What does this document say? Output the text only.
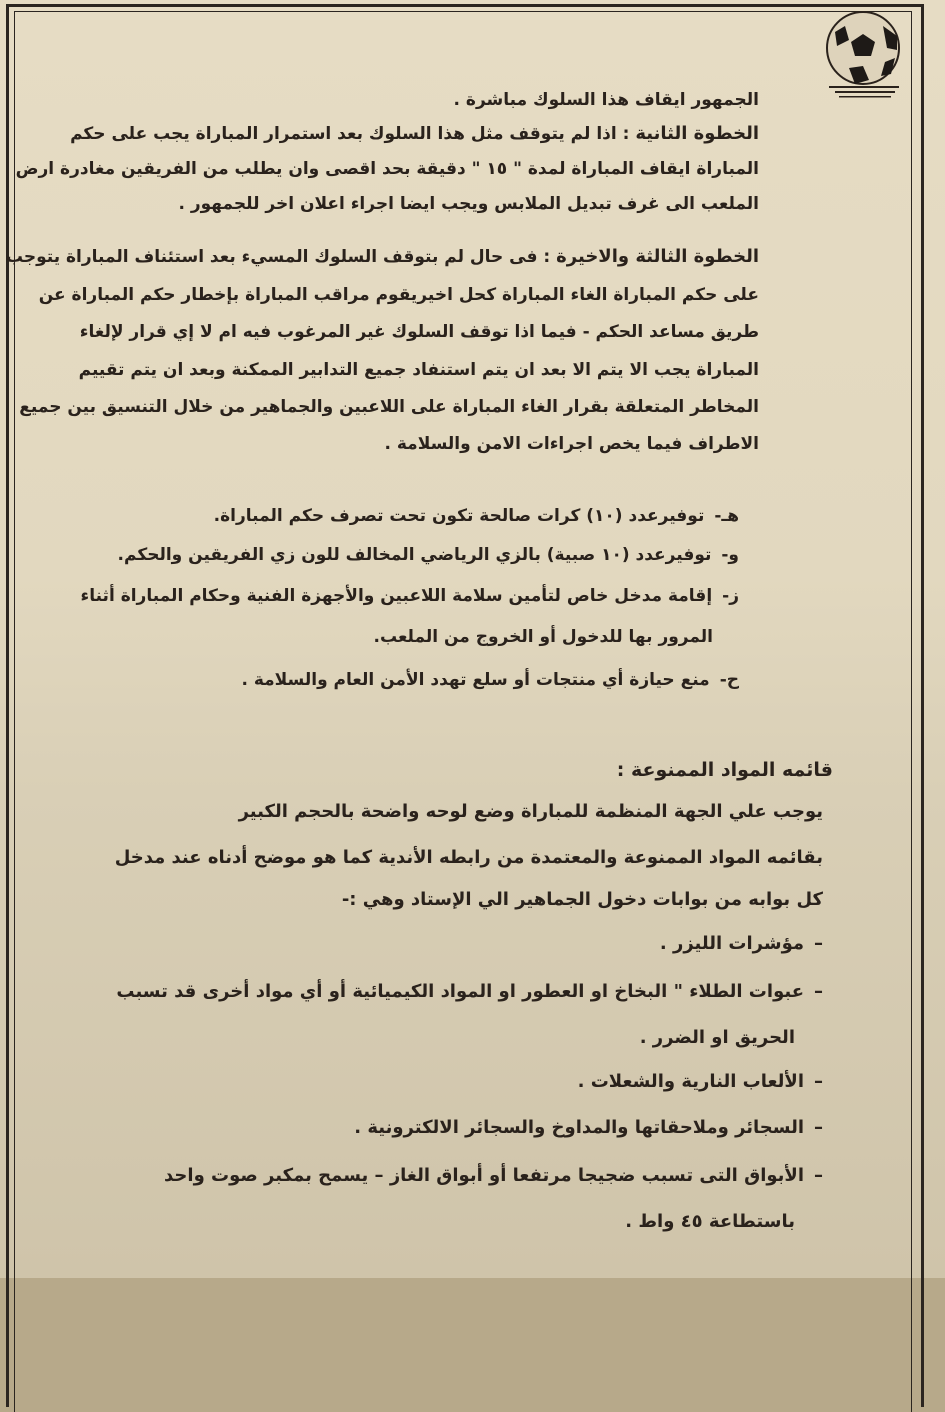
الجمهور ايقاف هذا السلوك مباشرة .
الخطوة الثانية : اذا لم يتوقف مثل هذا السلوك بعد استمرار المباراة يجب على حكم
المباراة ايقاف المباراة لمدة " ١٥ " دقيقة بحد اقصى وان يطلب من الفريقين مغادرة ارض
الملعب الى غرف تبديل الملابس ويجب ايضا اجراء اعلان اخر للجمهور .
الخطوة الثالثة والاخيرة : فى حال لم بتوقف السلوك المسيء بعد استئناف المباراة يتوجب
على حكم المباراة الغاء المباراة كحل اخيريقوم مراقب المباراة بإخطار حكم المباراة عن
طريق مساعد الحكم - فيما اذا توقف السلوك غير المرغوب فيه ام لا إي قرار لإلغاء
المباراة يجب الا يتم الا بعد ان يتم استنفاد جميع التدابير الممكنة وبعد ان يتم تقييم
المخاطر المتعلقة بقرار الغاء المباراة على اللاعبين والجماهير من خلال التنسيق بين جميع
الاطراف فيما يخص اجراءات الامن والسلامة .
هـ-توفيرعدد (١٠) كرات صالحة تكون تحت تصرف حكم المباراة.
و-توفيرعدد (١٠ صبية) بالزي الرياضي المخالف للون زي الفريقين والحكم.
ز-إقامة مدخل خاص لتأمين سلامة اللاعبين والأجهزة الفنية وحكام المباراة أثناء
المرور بها للدخول أو الخروج من الملعب.
ح-منع حيازة أي منتجات أو سلع تهدد الأمن العام والسلامة .
قائمه المواد الممنوعة :
يوجب علي الجهة المنظمة للمباراة وضع لوحه واضحة بالحجم الكبير
بقائمه المواد الممنوعة والمعتمدة من رابطه الأندية كما هو موضح أدناه عند مدخل
كل بوابه من بوابات دخول الجماهير الي الإستاد وهي :-
–مؤشرات الليزر .
–عبوات الطلاء " البخاخ او العطور او المواد الكيميائية أو أي مواد أخرى قد تسبب
الحريق او الضرر .
–الألعاب النارية والشعلات .
–السجائر وملاحقاتها والمداوخ والسجائر الالكترونية .
–الأبواق التى تسبب ضجيجا مرتفعا أو أبواق الغاز – يسمح بمكبر صوت واحد
باستطاعة ٤٥ واط .
